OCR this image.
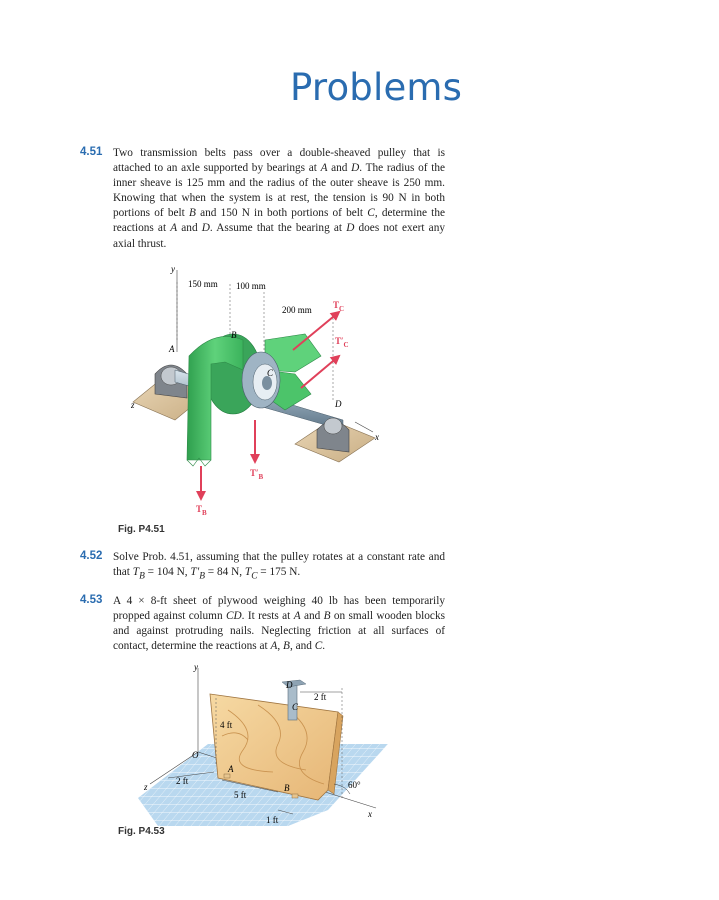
Problems
4.51 Two transmission belts pass over a double-sheaved pulley that is attached to an axle supported by bearings at A and D. The radius of the inner sheave is 125 mm and the radius of the outer sheave is 250 mm. Knowing that when the system is at rest, the tension is 90 N in both portions of belt B and 150 N in both portions of belt C, determine the reactions at A and D. Assume that the bearing at D does not exert any axial thrust.

y
z
x
150 mm 100 mm
200 mm
A
B
C
D
$T_C$
$T'_C$
$T_B$
$T'_B$
Fig. P4.51
4.52 Solve Prob. 4.51, assuming that the pulley rotates at a constant rate and that $T_B = 104$ N, $T'_B = 84$ N, $T_C = 175$ N.

4.53 A 4 × 8-ft sheet of plywood weighing 40 lb has been temporarily propped against column CD. It rests at A and B on small wooden blocks and against protruding nails. Neglecting friction at all surfaces of contact, determine the reactions at A, B, and C.

y
z
x
O
D
C
2 ft
4 ft
2 ft
5 ft
1 ft
A
B	60°
Fig. P4.53
